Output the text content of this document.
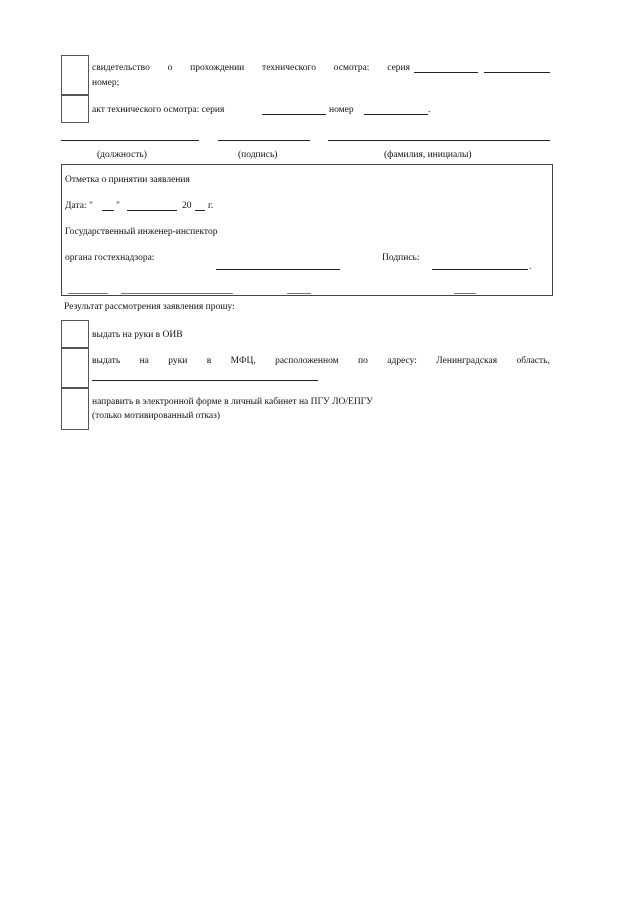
свидетельство о прохождении технического осмотра: серия
номер;
акт технического осмотра: серия	номер	.
(должность)	(подпись)	(фамилия, инициалы)
Отметка о принятии заявления
Дата: " "	20 г.
Государственный инженер-инспектор
органа гостехнадзора:	Подпись:
.
Результат рассмотрения заявления прошу:
выдать на руки в ОИВ
выдать на руки в МФЦ, расположенном по адресу: Ленинградская область,
направить в электронной форме в личный кабинет на ПГУ ЛО/ЕПГУ
(только мотивированный отказ)
